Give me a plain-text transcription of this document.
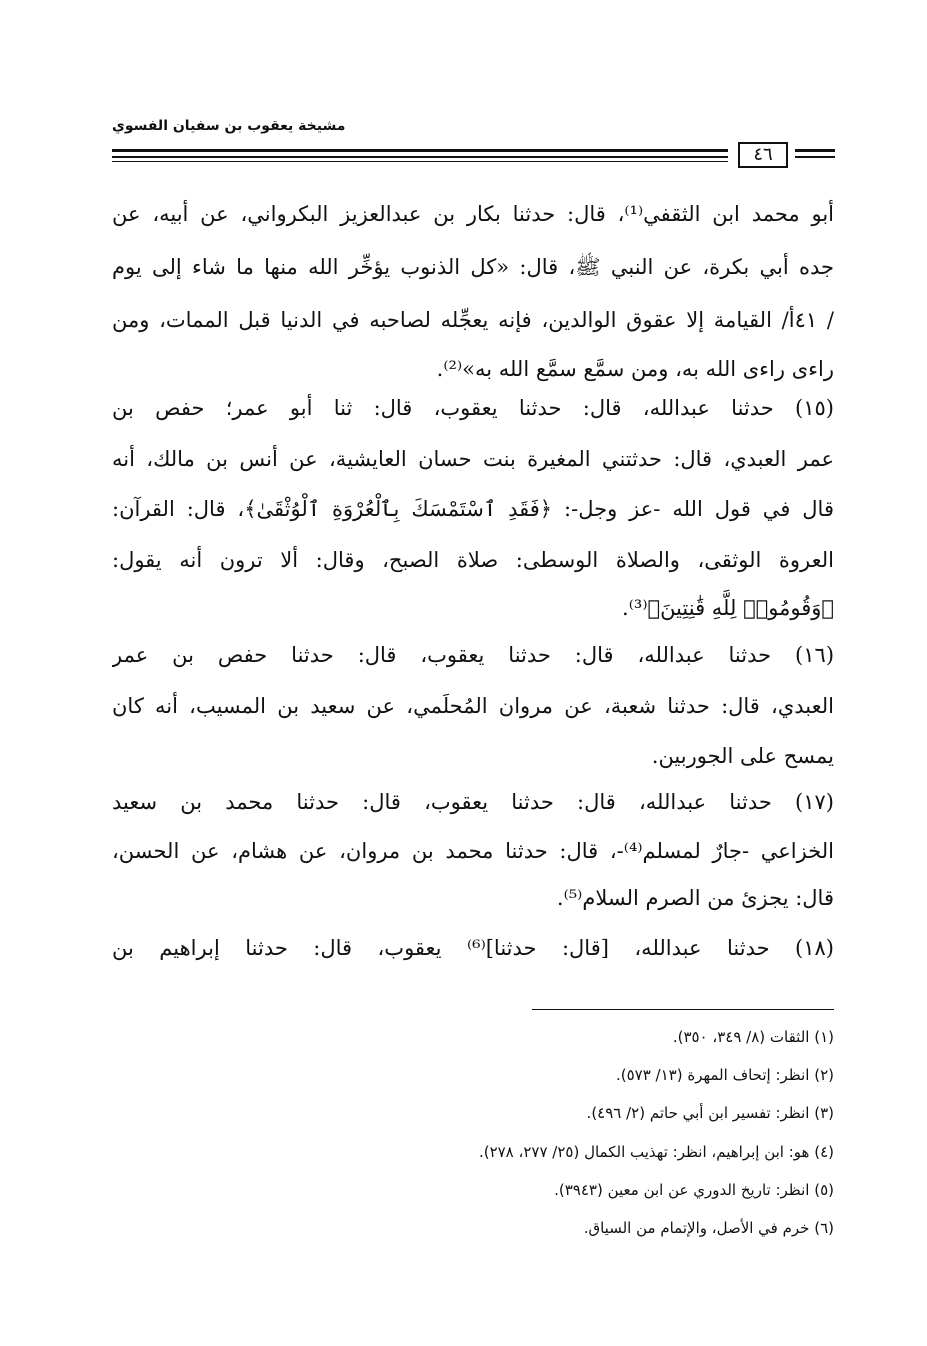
مشيخة يعقوب بن سفيان الفسوي
٤٦
أبو محمد ابن الثقفي⁽¹⁾، قال: حدثنا بكار بن عبدالعزيز البكرواني، عن أبيه، عن
جده أبي بكرة، عن النبي ﷺ، قال: «كل الذنوب يؤخِّر الله منها ما شاء إلى يوم
/ ٤١أ/ القيامة إلا عقوق الوالدين، فإنه يعجِّله لصاحبه في الدنيا قبل الممات، ومن
راءى راءى الله به، ومن سمَّع سمَّع الله به»⁽²⁾.
(١٥) حدثنا عبدالله، قال: حدثنا يعقوب، قال: ثنا أبو عمر؛ حفص بن
عمر العبدي، قال: حدثتني المغيرة بنت حسان العايشية، عن أنس بن مالك، أنه
قال في قول الله -عز وجل-: ﴿فَقَدِ ٱسْتَمْسَكَ بِٱلْعُرْوَةِ ٱلْوُثْقَىٰ﴾، قال: القرآن:
العروة الوثقى، والصلاة الوسطى: صلاة الصبح، وقال: ألا ترون أنه يقول:
﴿وَقُومُوا۟ لِلَّهِ قَٰنِتِينَ﴾⁽³⁾.
(١٦) حدثنا عبدالله، قال: حدثنا يعقوب، قال: حدثنا حفص بن عمر
العبدي، قال: حدثنا شعبة، عن مروان المُحلَمي، عن سعيد بن المسيب، أنه كان
يمسح على الجوربين.
(١٧) حدثنا عبدالله، قال: حدثنا يعقوب، قال: حدثنا محمد بن سعيد
الخزاعي -جارٌ لمسلم⁽⁴⁾-، قال: حدثنا محمد بن مروان، عن هشام، عن الحسن،
قال: يجزئ من الصرم السلام⁽⁵⁾.
(١٨) حدثنا عبدالله، [قال: حدثنا]⁽⁶⁾ يعقوب، قال: حدثنا إبراهيم بن
(١) الثقات (٨/ ٣٤٩، ٣٥٠).
(٢) انظر: إتحاف المهرة (١٣/ ٥٧٣).
(٣) انظر: تفسير ابن أبي حاتم (٢/ ٤٩٦).
(٤) هو: ابن إبراهيم، انظر: تهذيب الكمال (٢٥/ ٢٧٧، ٢٧٨).
(٥) انظر: تاريخ الدوري عن ابن معين (٣٩٤٣).
(٦) خرم في الأصل، والإتمام من السياق.
